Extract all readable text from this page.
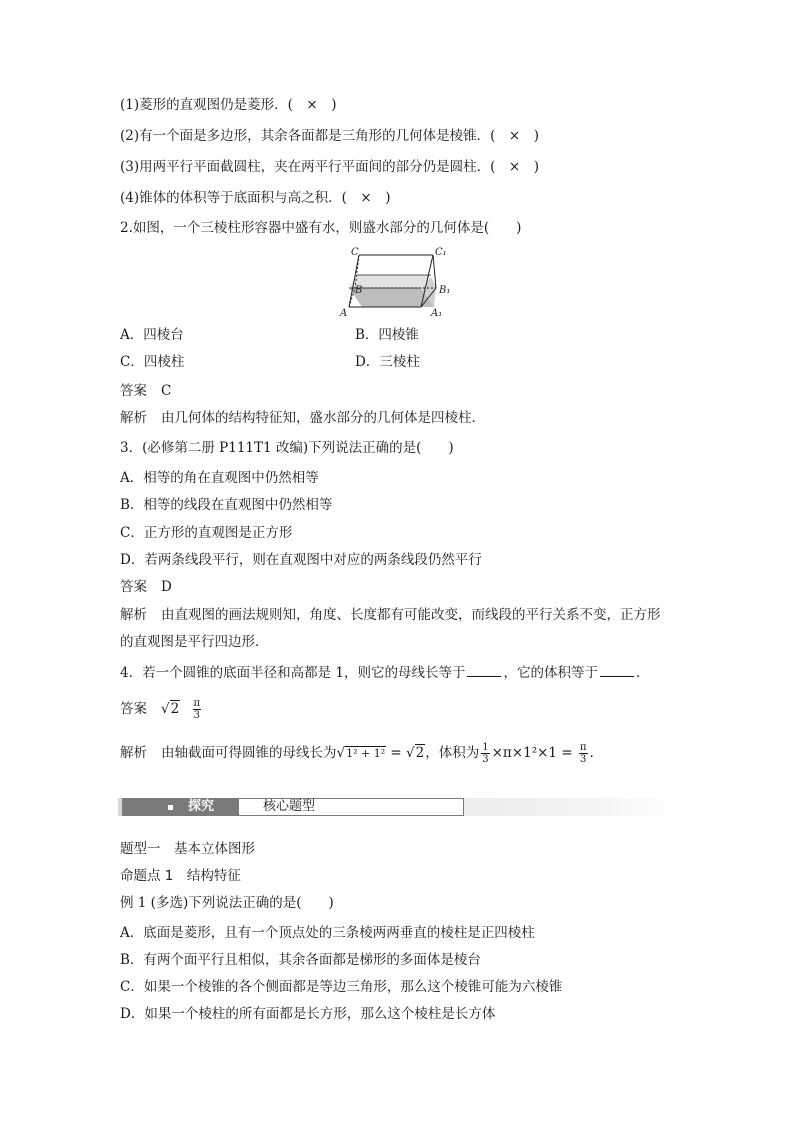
(1)菱形的直观图仍是菱形．(　×　)
(2)有一个面是多边形，其余各面都是三角形的几何体是棱锥．(　×　)
(3)用两平行平面截圆柱，夹在两平行平面间的部分仍是圆柱．(　×　)
(4)锥体的体积等于底面积与高之积．(　×　)
2.如图，一个三棱柱形容器中盛有水，则盛水部分的几何体是(　　)
C	C₁
B	B₁
A	A₁
A．四棱台	B．四棱锥
C．四棱柱	D．三棱柱
答案 C
解析 由几何体的结构特征知，盛水部分的几何体是四棱柱．
3．(必修第二册 P111T1 改编)下列说法正确的是(　　)
A．相等的角在直观图中仍然相等
B．相等的线段在直观图中仍然相等
C．正方形的直观图是正方形
D．若两条线段平行，则在直观图中对应的两条线段仍然平行
答案 D
解析 由直观图的画法规则知，角度、长度都有可能改变，而线段的平行关系不变，正方形
的直观图是平行四边形．
4．若一个圆锥的底面半径和高都是 1，则它的母线长等于	，它的体积等于	．
答案 $√2 \frac{\pi}{3}$
解析 由轴截面可得圆锥的母线长为√1² + 1² = √2，体积为 $\frac{1}{3} \times\pi\times 1^2\times 1 = \frac{\pi}{3}$ .
探究	核心题型
题型一　基本立体图形
命题点 1　结构特征
例 1 (多选)下列说法正确的是(　　)
A．底面是菱形，且有一个顶点处的三条棱两两垂直的棱柱是正四棱柱
B．有两个面平行且相似，其余各面都是梯形的多面体是棱台
C．如果一个棱锥的各个侧面都是等边三角形，那么这个棱锥可能为六棱锥
D．如果一个棱柱的所有面都是长方形，那么这个棱柱是长方体
